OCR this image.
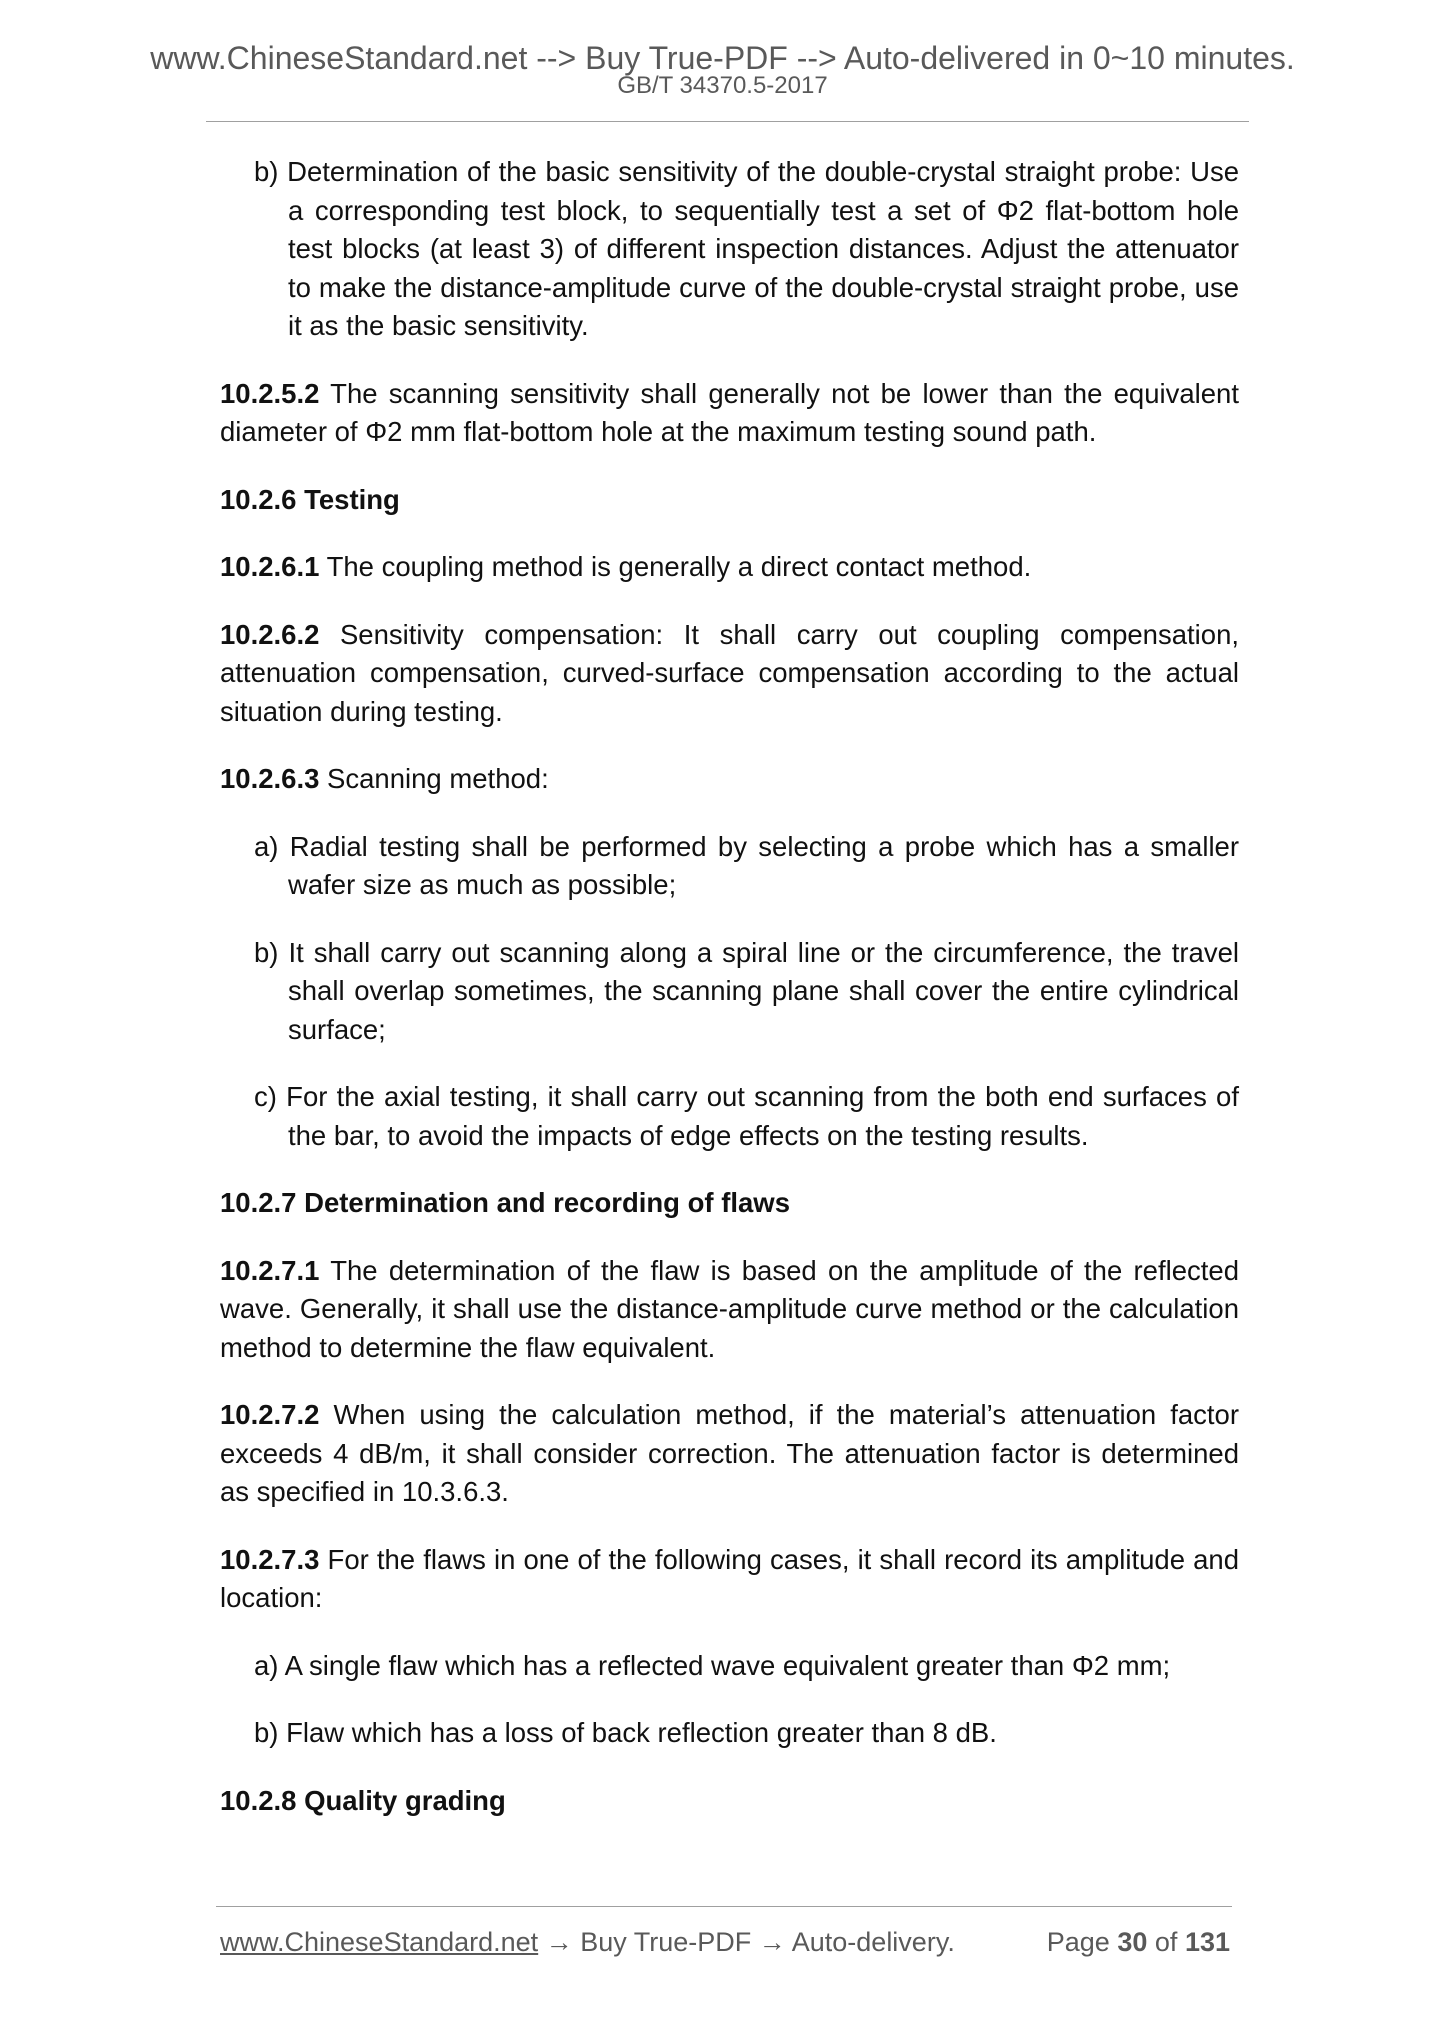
www.ChineseStandard.net --> Buy True-PDF --> Auto-delivered in 0~10 minutes.
GB/T 34370.5-2017

b) Determination of the basic sensitivity of the double-crystal straight probe: Use a corresponding test block, to sequentially test a set of Φ2 flat-bottom hole test blocks (at least 3) of different inspection distances. Adjust the attenuator to make the distance-amplitude curve of the double-crystal straight probe, use it as the basic sensitivity.

10.2.5.2 The scanning sensitivity shall generally not be lower than the equivalent diameter of Φ2 mm flat-bottom hole at the maximum testing sound path.

10.2.6 Testing

10.2.6.1 The coupling method is generally a direct contact method.

10.2.6.2 Sensitivity compensation: It shall carry out coupling compensation, attenuation compensation, curved-surface compensation according to the actual situation during testing.

10.2.6.3 Scanning method:

a) Radial testing shall be performed by selecting a probe which has a smaller wafer size as much as possible;

b) It shall carry out scanning along a spiral line or the circumference, the travel shall overlap sometimes, the scanning plane shall cover the entire cylindrical surface;

c) For the axial testing, it shall carry out scanning from the both end surfaces of the bar, to avoid the impacts of edge effects on the testing results.

10.2.7 Determination and recording of flaws

10.2.7.1 The determination of the flaw is based on the amplitude of the reflected wave. Generally, it shall use the distance-amplitude curve method or the calculation method to determine the flaw equivalent.

10.2.7.2 When using the calculation method, if the material’s attenuation factor exceeds 4 dB/m, it shall consider correction. The attenuation factor is determined as specified in 10.3.6.3.

10.2.7.3 For the flaws in one of the following cases, it shall record its amplitude and location:

a) A single flaw which has a reflected wave equivalent greater than Φ2 mm;

b) Flaw which has a loss of back reflection greater than 8 dB.

10.2.8 Quality grading

www.ChineseStandard.net → Buy True-PDF → Auto-delivery.	Page 30 of 131
